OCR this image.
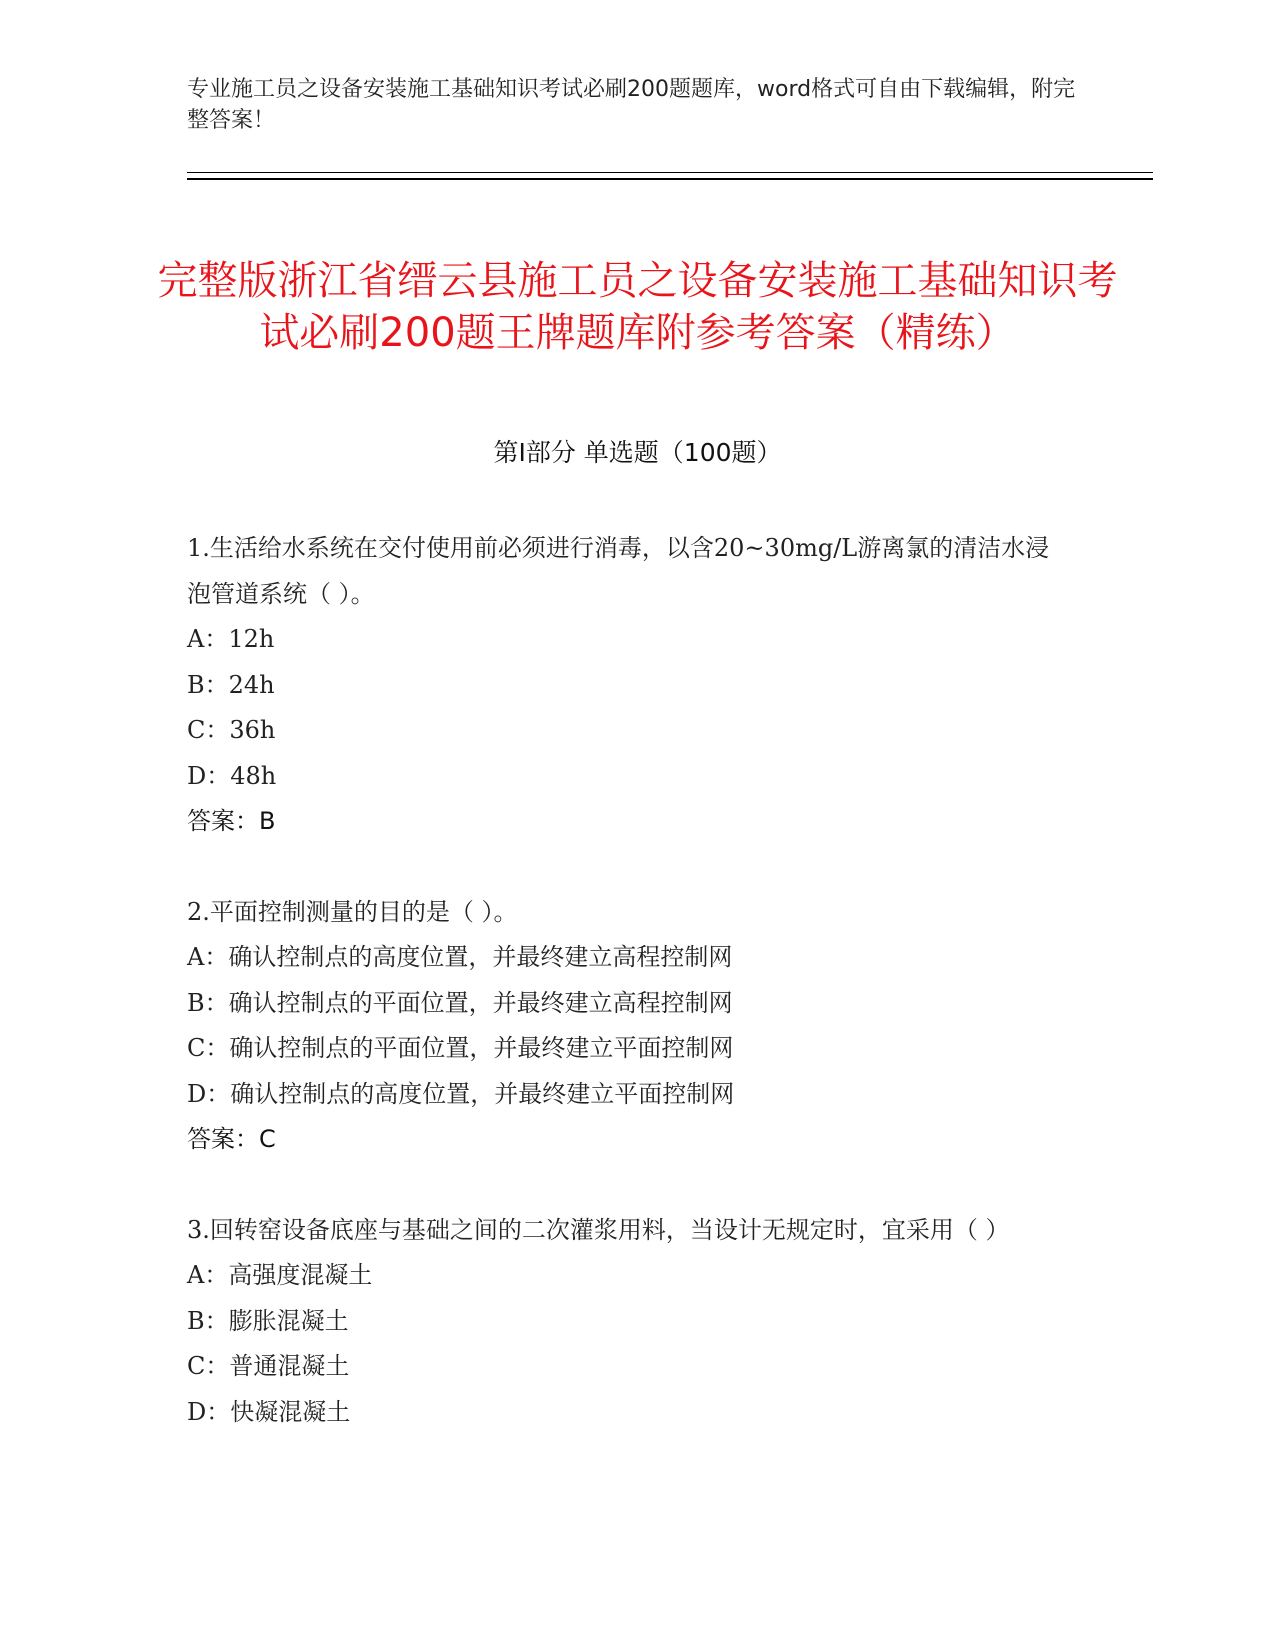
专业施工员之设备安装施工基础知识考试必刷200题题库，word格式可自由下载编辑，附完整答案！
完整版浙江省缙云县施工员之设备安装施工基础知识考试必刷200题王牌题库附参考答案（精练）
第Ⅰ部分 单选题（100题）
1.生活给水系统在交付使用前必须进行消毒，以含20~30mg/L游离氯的清洁水浸泡管道系统（ ）。
A：12h
B：24h
C：36h
D：48h
答案：B
2.平面控制测量的目的是（ ）。
A：确认控制点的高度位置，并最终建立高程控制网
B：确认控制点的平面位置，并最终建立高程控制网
C：确认控制点的平面位置，并最终建立平面控制网
D：确认控制点的高度位置，并最终建立平面控制网
答案：C
3.回转窑设备底座与基础之间的二次灌浆用料，当设计无规定时，宜采用（ ）
A：高强度混凝土
B：膨胀混凝土
C：普通混凝土
D：快凝混凝土
